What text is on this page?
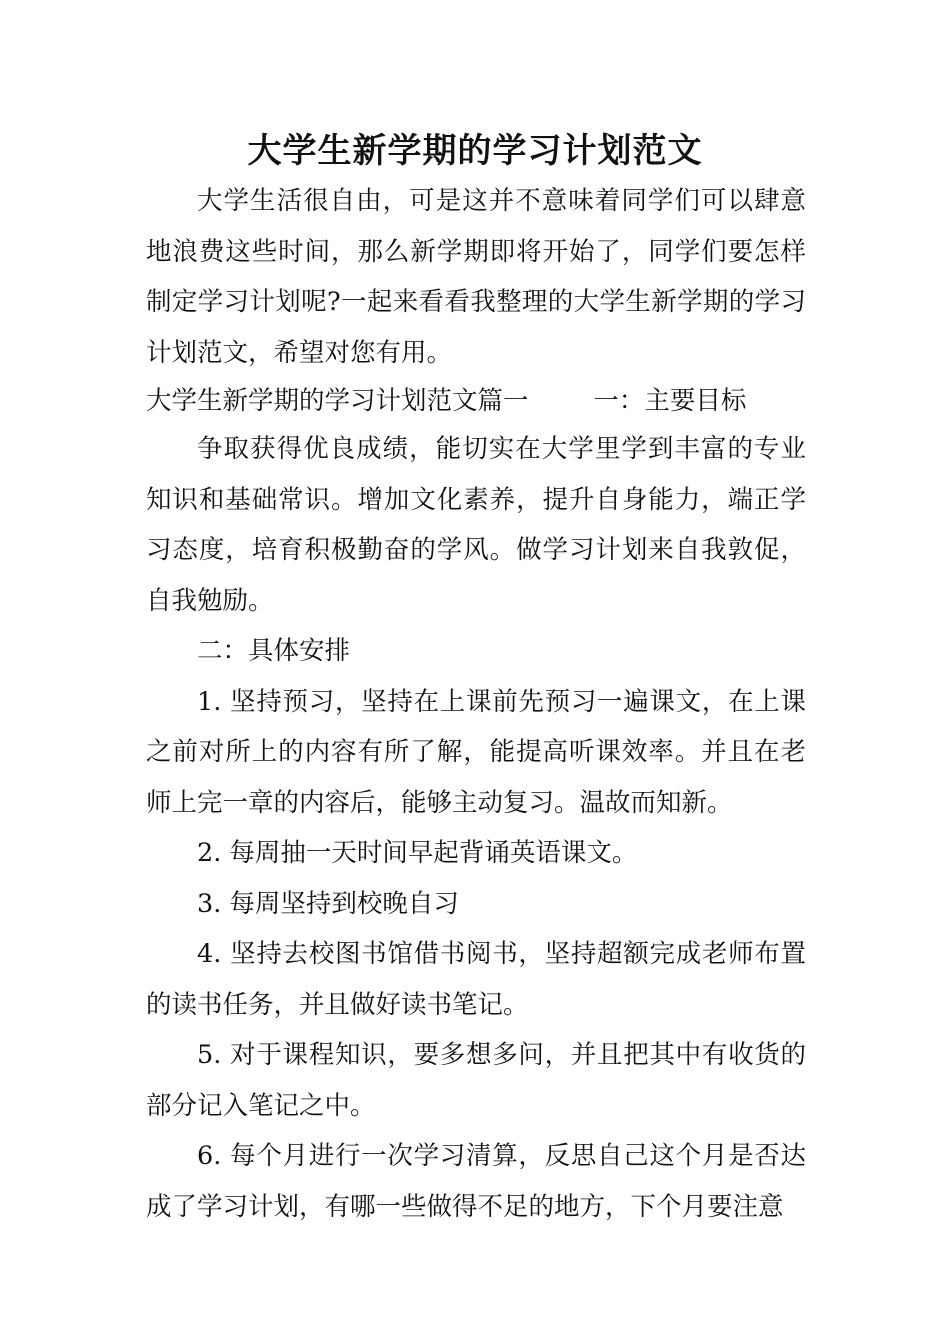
大学生新学期的学习计划范文

大学生活很自由，可是这并不意味着同学们可以肆意地浪费这些时间，那么新学期即将开始了，同学们要怎样制定学习计划呢?一起来看看我整理的大学生新学期的学习计划范文，希望对您有用。

大学生新学期的学习计划范文篇一        一：主要目标

争取获得优良成绩，能切实在大学里学到丰富的专业知识和基础常识。增加文化素养，提升自身能力，端正学习态度，培育积极勤奋的学风。做学习计划来自我敦促，自我勉励。

二：具体安排

1. 坚持预习，坚持在上课前先预习一遍课文，在上课之前对所上的内容有所了解，能提高听课效率。并且在老师上完一章的内容后，能够主动复习。温故而知新。

2. 每周抽一天时间早起背诵英语课文。

3. 每周坚持到校晚自习

4. 坚持去校图书馆借书阅书，坚持超额完成老师布置的读书任务，并且做好读书笔记。

5. 对于课程知识，要多想多问，并且把其中有收货的部分记入笔记之中。

6. 每个月进行一次学习清算，反思自己这个月是否达成了学习计划，有哪一些做得不足的地方，下个月要注意
